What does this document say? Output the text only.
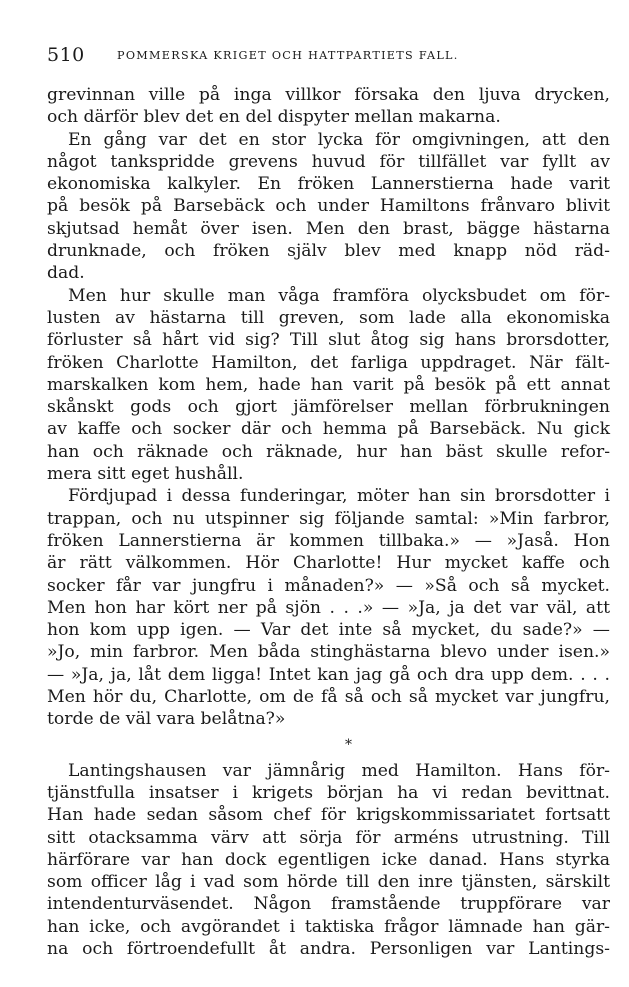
510	POMMERSKA KRIGET OCH HATTPARTIETS FALL.
grevinnan ville på inga villkor försaka den ljuva drycken,
och därför blev det en del dispyter mellan makarna.
En gång var det en stor lycka för omgivningen, att den
något tankspridde grevens huvud för tillfället var fyllt av
ekonomiska kalkyler. En fröken Lannerstierna hade varit
på besök på Barsebäck och under Hamiltons frånvaro blivit
skjutsad hemåt över isen. Men den brast, bägge hästarna
drunknade, och fröken själv blev med knapp nöd räd-
dad.
Men hur skulle man våga framföra olycksbudet om för-
lusten av hästarna till greven, som lade alla ekonomiska
förluster så hårt vid sig? Till slut åtog sig hans brorsdotter,
fröken Charlotte Hamilton, det farliga uppdraget. När fält-
marskalken kom hem, hade han varit på besök på ett annat
skånskt gods och gjort jämförelser mellan förbrukningen
av kaffe och socker där och hemma på Barsebäck. Nu gick
han och räknade och räknade, hur han bäst skulle refor-
mera sitt eget hushåll.
Fördjupad i dessa funderingar, möter han sin brorsdotter i
trappan, och nu utspinner sig följande samtal: »Min farbror,
fröken Lannerstierna är kommen tillbaka.» — »Jaså. Hon
är rätt välkommen. Hör Charlotte! Hur mycket kaffe och
socker får var jungfru i månaden?» — »Så och så mycket.
Men hon har kört ner på sjön . . .» — »Ja, ja det var väl, att
hon kom upp igen. — Var det inte så mycket, du sade?» —
»Jo, min farbror. Men båda stinghästarna blevo under isen.»
— »Ja, ja, låt dem ligga! Intet kan jag gå och dra upp dem. . . .
Men hör du, Charlotte, om de få så och så mycket var jungfru,
torde de väl vara belåtna?»
*
Lantingshausen var jämnårig med Hamilton. Hans för-
tjänstfulla insatser i krigets början ha vi redan bevittnat.
Han hade sedan såsom chef för krigskommissariatet fortsatt
sitt otacksamma värv att sörja för arméns utrustning. Till
härförare var han dock egentligen icke danad. Hans styrka
som officer låg i vad som hörde till den inre tjänsten, särskilt
intendenturväsendet. Någon framstående truppförare var
han icke, och avgörandet i taktiska frågor lämnade han gär-
na och förtroendefullt åt andra. Personligen var Lantings-
